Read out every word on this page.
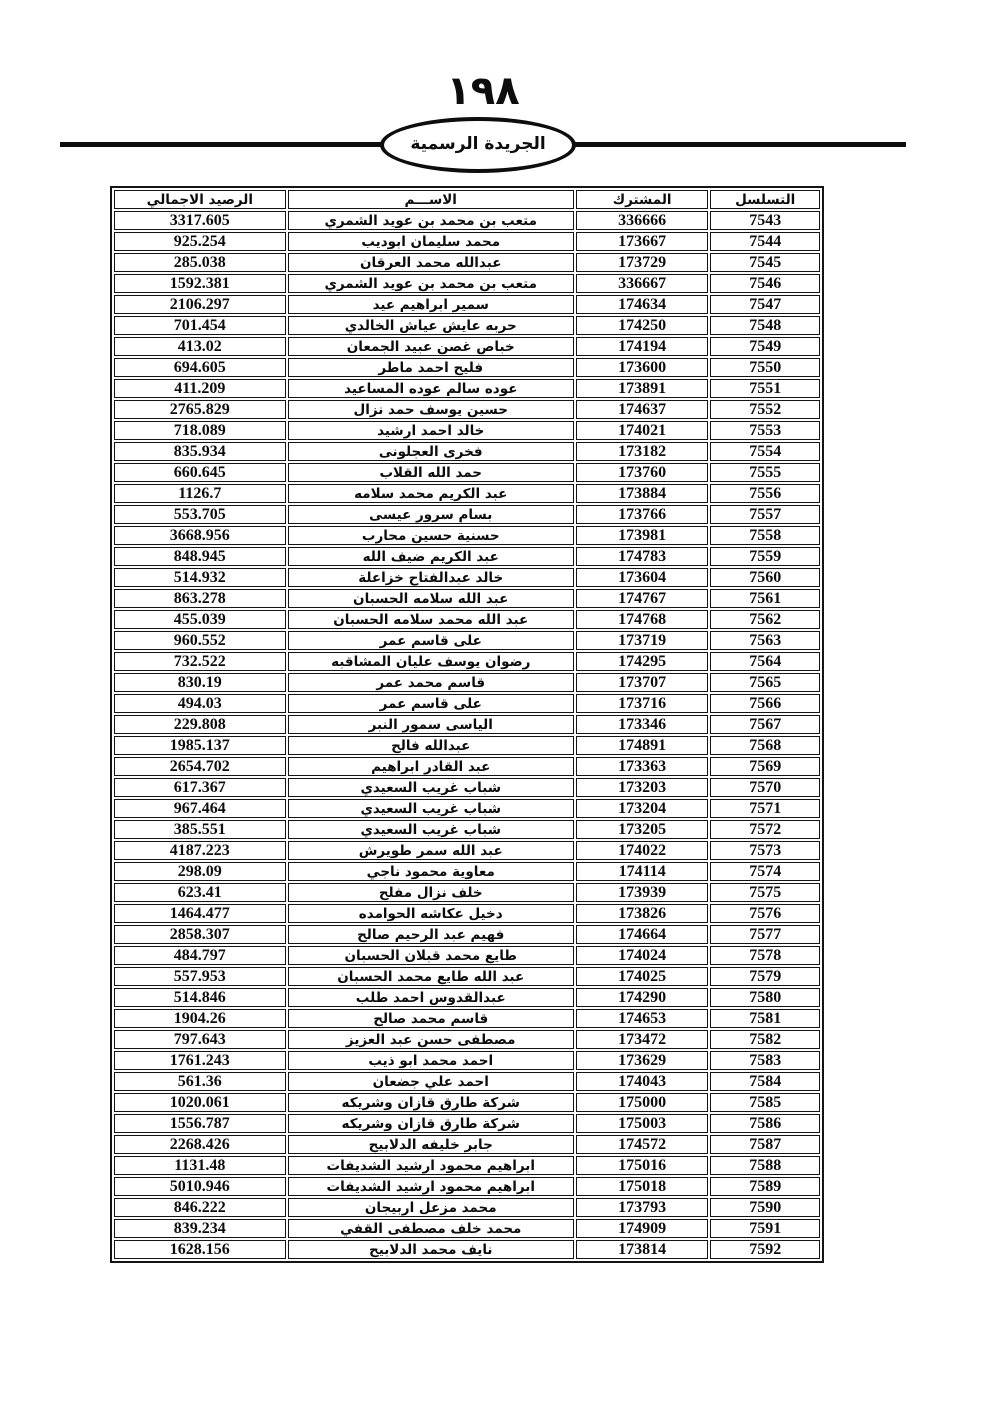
١٩٨
الجريدة الرسمية
التسلسل	المشترك	الاســـم	الرصيد الاجمالي
7543	336666	متعب بن محمد بن عويد الشمري	3317.605
7544	173667	محمد سليمان ابوديب	925.254
7545	173729	عبدالله محمد العرقان	285.038
7546	336667	متعب بن محمد بن عويد الشمري	1592.381
7547	174634	سمير ابراهيم عيد	2106.297
7548	174250	حربه عايش عياش الخالدي	701.454
7549	174194	خباص غصن عبيد الجمعان	413.02
7550	173600	فليح احمد ماطر	694.605
7551	173891	عوده سالم عوده المساعيد	411.209
7552	174637	حسين يوسف حمد نزال	2765.829
7553	174021	خالد احمد ارشيد	718.089
7554	173182	فخرى العجلونى	835.934
7555	173760	حمد الله القلاب	660.645
7556	173884	عبد الكريم محمد سلامه	1126.7
7557	173766	بسام سرور عيسى	553.705
7558	173981	حسنية حسين محارب	3668.956
7559	174783	عبد الكريم ضيف الله	848.945
7560	173604	خالد عبدالفتاح خزاعلة	514.932
7561	174767	عبد الله سلامه الحسبان	863.278
7562	174768	عبد الله محمد سلامه الحسبان	455.039
7563	173719	على قاسم عمر	960.552
7564	174295	رضوان يوسف عليان المشاقبه	732.522
7565	173707	قاسم محمد عمر	830.19
7566	173716	على قاسم عمر	494.03
7567	173346	الياسى سمور النبر	229.808
7568	174891	عبدالله فالح	1985.137
7569	173363	عبد القادر ابراهيم	2654.702
7570	173203	شباب غريب السعيدي	617.367
7571	173204	شباب غريب السعيدي	967.464
7572	173205	شباب غريب السعيدي	385.551
7573	174022	عبد الله سمر طويرش	4187.223
7574	174114	معاوية محمود ناجي	298.09
7575	173939	خلف نزال مفلح	623.41
7576	173826	دخيل عكاشه الحوامده	1464.477
7577	174664	فهيم عبد الرحيم صالح	2858.307
7578	174024	طايع محمد قبلان الحسبان	484.797
7579	174025	عبد الله طايع محمد الحسبان	557.953
7580	174290	عبدالقدوس احمد طلب	514.846
7581	174653	قاسم محمد صالح	1904.26
7582	173472	مصطفى حسن عبد العزيز	797.643
7583	173629	احمد محمد ابو ذيب	1761.243
7584	174043	احمد علي جضعان	561.36
7585	175000	شركة طارق قازان وشريكه	1020.061
7586	175003	شركة طارق قازان وشريكه	1556.787
7587	174572	جابر خليفه الدلابيح	2268.426
7588	175016	ابراهيم محمود ارشيد الشديفات	1131.48
7589	175018	ابراهيم محمود ارشيد الشديفات	5010.946
7590	173793	محمد مزعل اربيجان	846.222
7591	174909	محمد خلف مصطفى القفي	839.234
7592	173814	نايف محمد الدلابيح	1628.156
